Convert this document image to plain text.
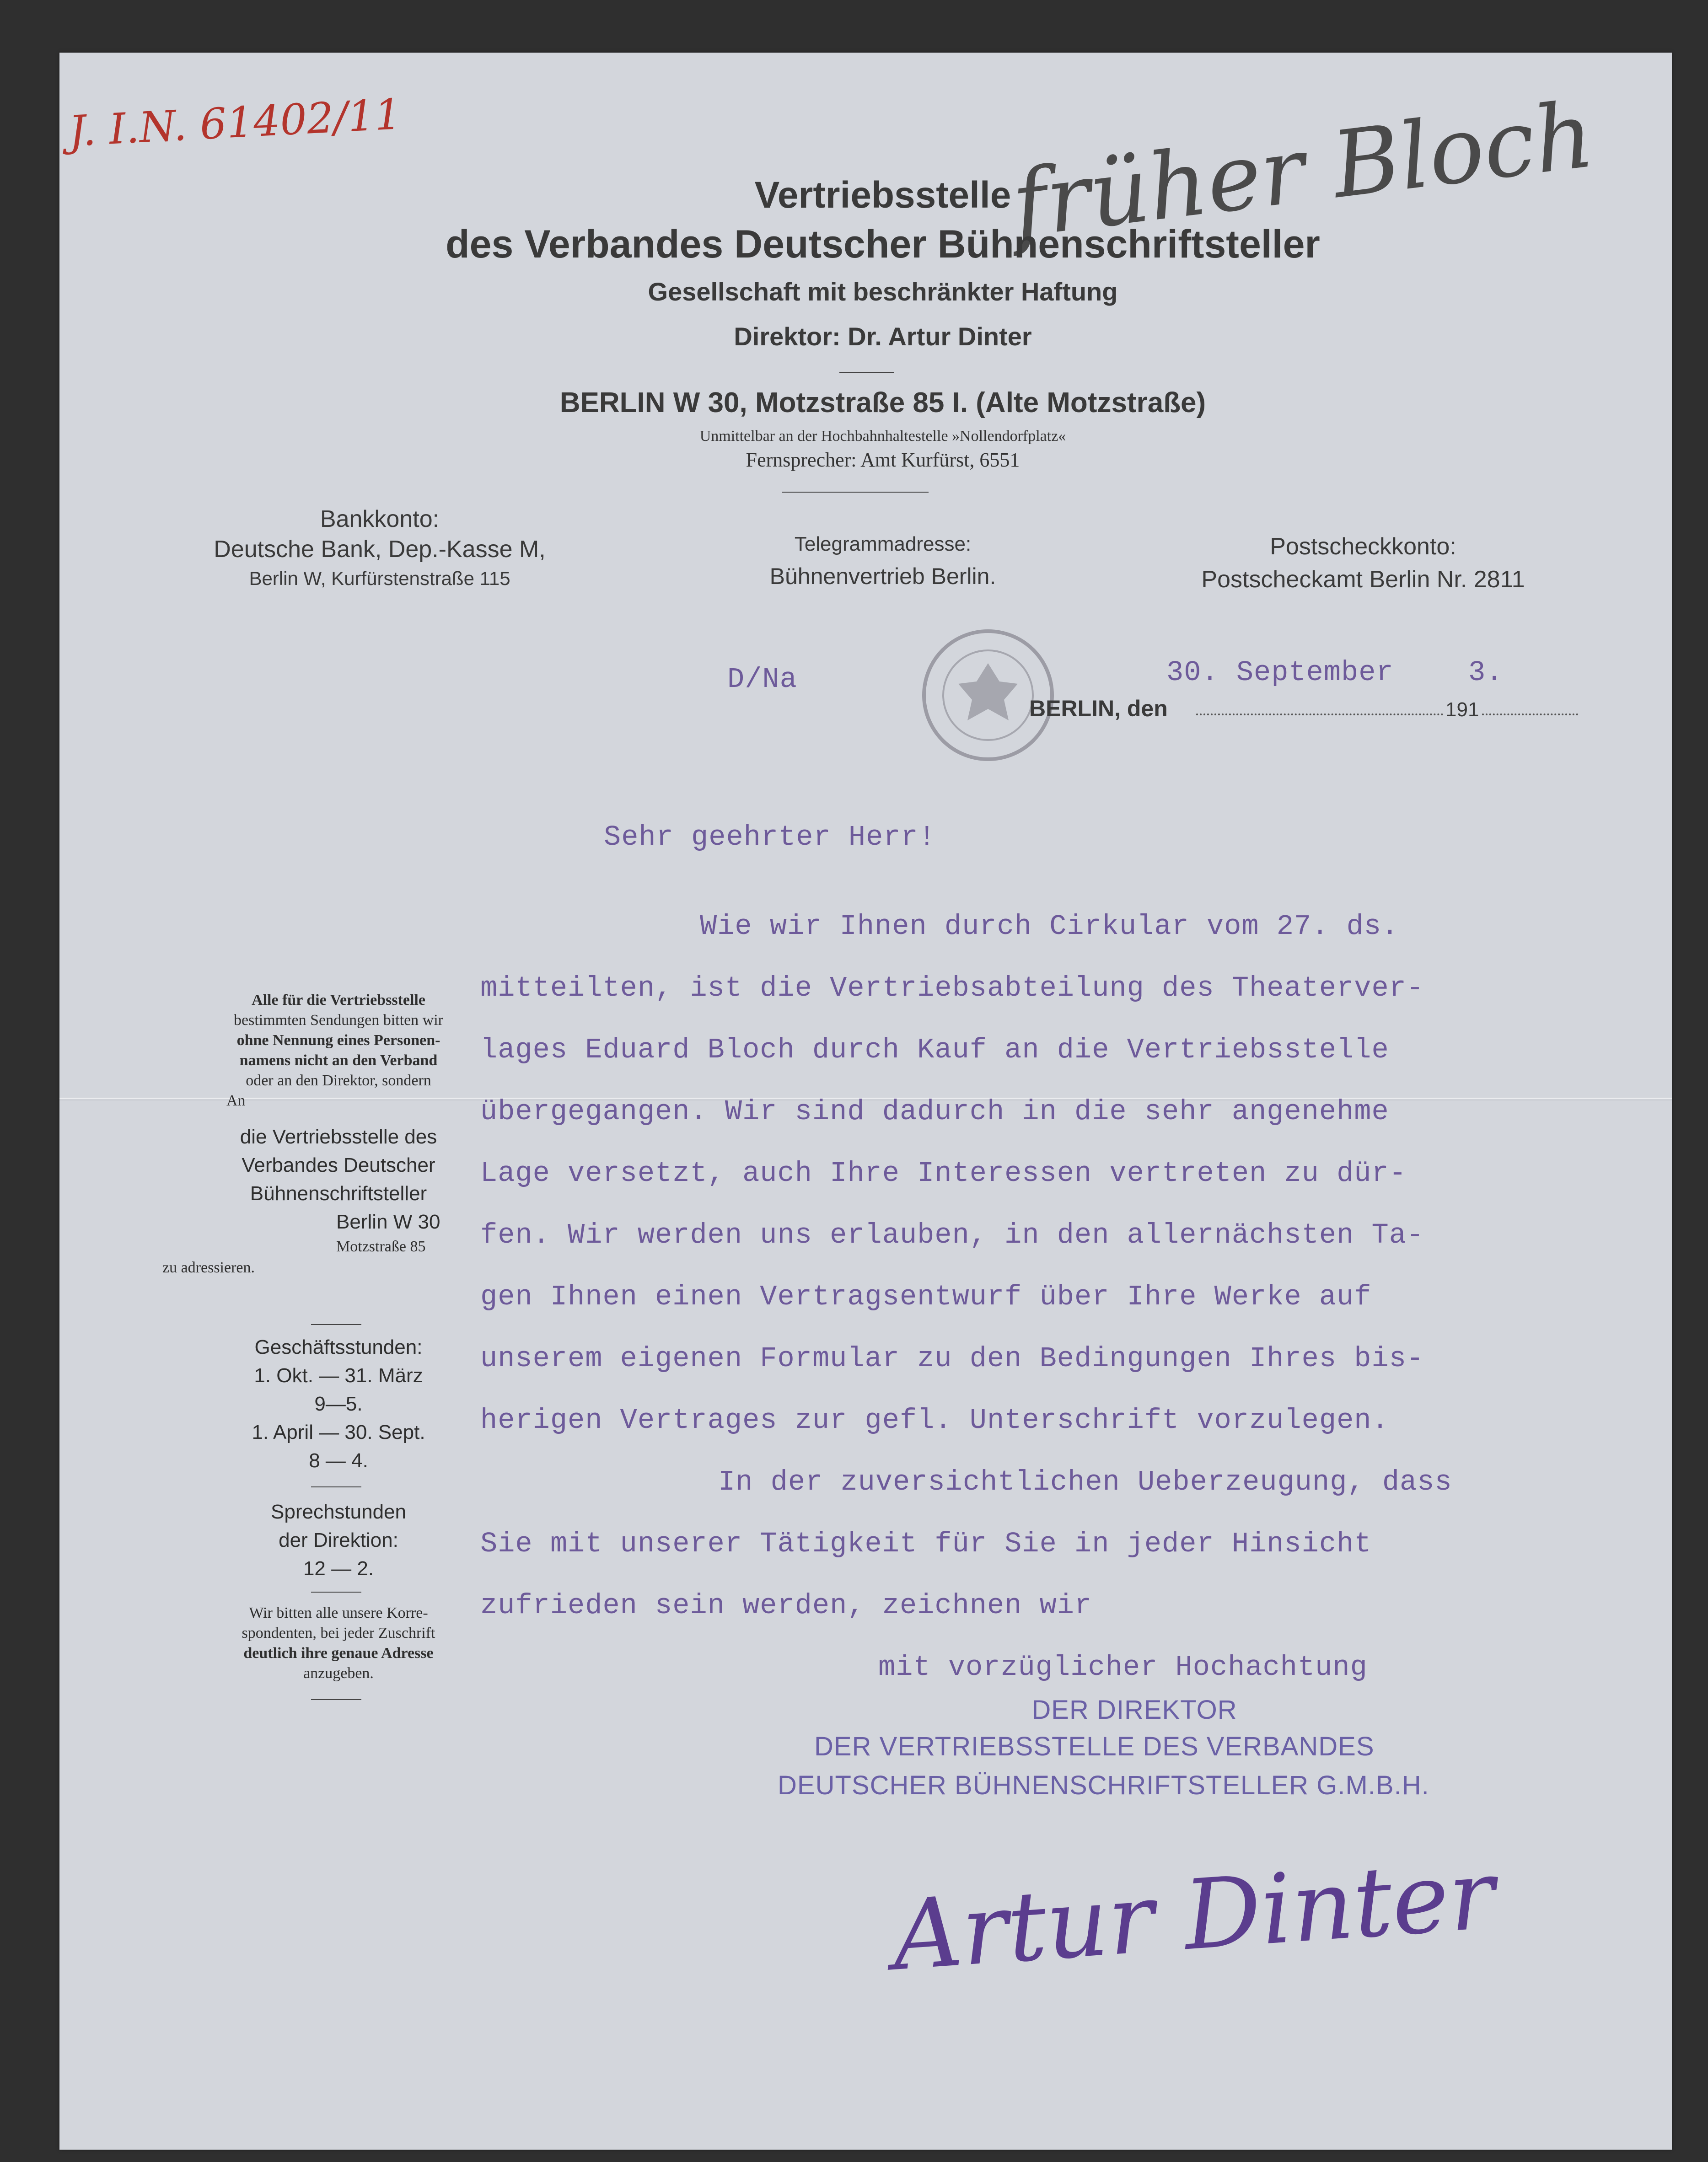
J. I.N. 61402/11	früher Bloch
Vertriebsstelle
des Verbandes Deutscher Bühnenschriftsteller
Gesellschaft mit beschränkter Haftung
Direktor: Dr. Artur Dinter
BERLIN W 30, Motzstraße 85 I. (Alte Motzstraße)
Unmittelbar an der Hochbahnhaltestelle »Nollendorfplatz«
Fernsprecher: Amt Kurfürst, 6551
Bankkonto:
Deutsche Bank, Dep.-Kasse M,
Berlin W, Kurfürstenstraße 115
Telegrammadresse:
Bühnenvertrieb Berlin.
Postscheckkonto:
Postscheckamt Berlin Nr. 2811
D/Na	30. September	3.
BERLIN, den	191
Alle für die Vertriebsstelle
bestimmten Sendungen bitten wir
ohne Nennung eines Personen-
namens nicht an den Verband
oder an den Direktor, sondern
An
die Vertriebsstelle des
Verbandes Deutscher
Bühnenschriftsteller
Berlin W 30
Motzstraße 85
zu adressieren.
Geschäftsstunden:
1. Okt. — 31. März
9—5.
1. April — 30. Sept.
8 — 4.
Sprechstunden
der Direktion:
12 — 2.
Wir bitten alle unsere Korre-
spondenten, bei jeder Zuschrift
deutlich ihre genaue Adresse
anzugeben.
Sehr geehrter Herr!
Wie wir Ihnen durch Cirkular vom 27. ds.
mitteilten, ist die Vertriebsabteilung des Theaterver-
lages Eduard Bloch durch Kauf an die Vertriebsstelle
übergegangen. Wir sind dadurch in die sehr angenehme
Lage versetzt, auch Ihre Interessen vertreten zu dür-
fen. Wir werden uns erlauben, in den allernächsten Ta-
gen Ihnen einen Vertragsentwurf über Ihre Werke auf
unserem eigenen Formular zu den Bedingungen Ihres bis-
herigen Vertrages zur gefl. Unterschrift vorzulegen.
In der zuversichtlichen Ueberzeugung, dass
Sie mit unserer Tätigkeit für Sie in jeder Hinsicht
zufrieden sein werden, zeichnen wir
mit vorzüglicher Hochachtung
DER DIREKTOR
DER VERTRIEBSSTELLE DES VERBANDES
DEUTSCHER BÜHNENSCHRIFTSTELLER G.M.B.H.
Artur Dinter
